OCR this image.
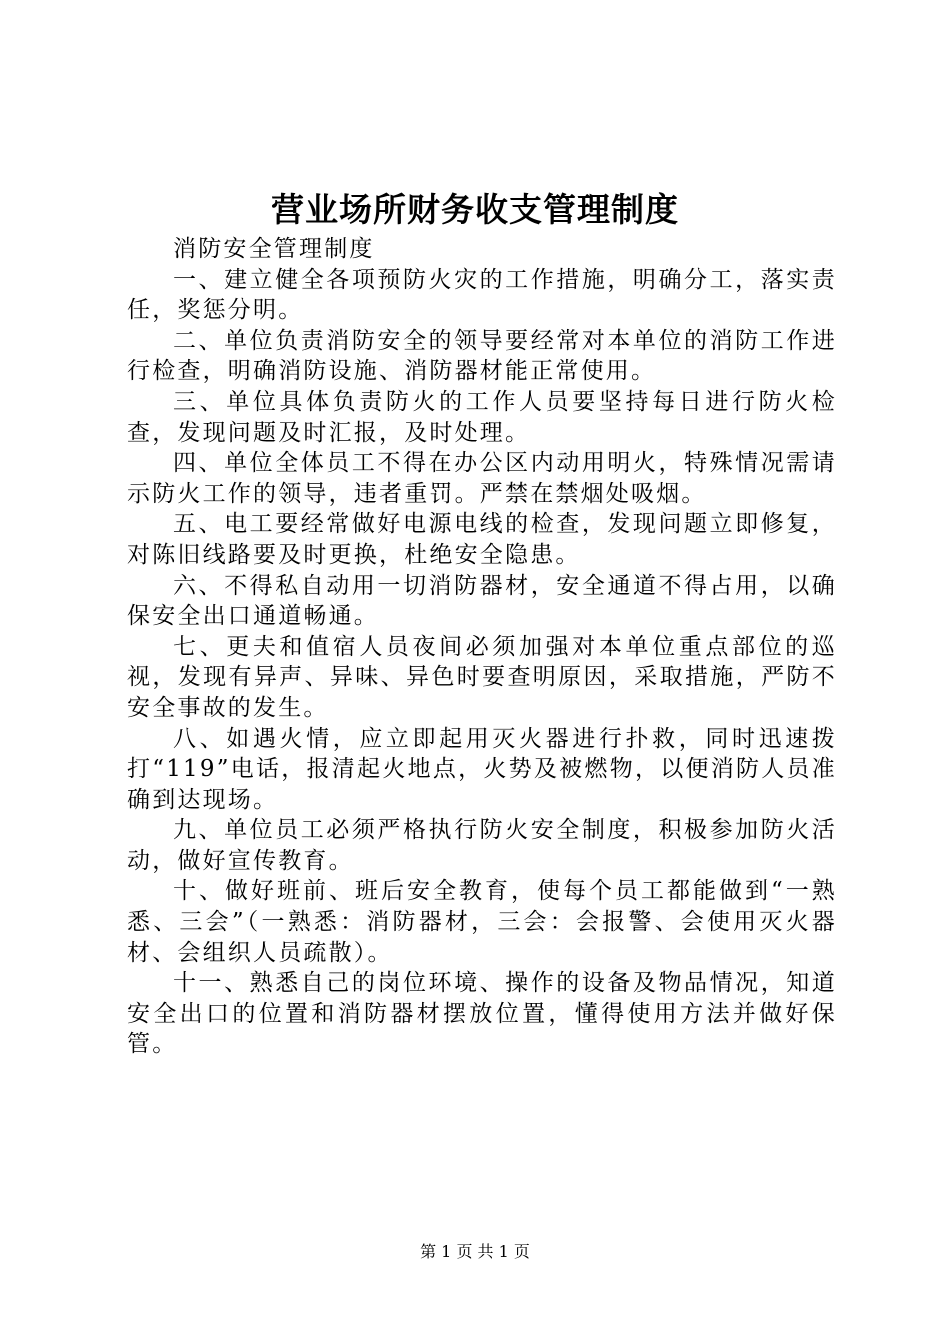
营业场所财务收支管理制度

消防安全管理制度

一、建立健全各项预防火灾的工作措施，明确分工，落实责任，奖惩分明。

二、单位负责消防安全的领导要经常对本单位的消防工作进行检查，明确消防设施、消防器材能正常使用。

三、单位具体负责防火的工作人员要坚持每日进行防火检查，发现问题及时汇报，及时处理。

四、单位全体员工不得在办公区内动用明火，特殊情况需请示防火工作的领导，违者重罚。严禁在禁烟处吸烟。

五、电工要经常做好电源电线的检查，发现问题立即修复，对陈旧线路要及时更换，杜绝安全隐患。

六、不得私自动用一切消防器材，安全通道不得占用，以确保安全出口通道畅通。

七、更夫和值宿人员夜间必须加强对本单位重点部位的巡视，发现有异声、异味、异色时要查明原因，采取措施，严防不安全事故的发生。

八、如遇火情，应立即起用灭火器进行扑救，同时迅速拨打“119”电话，报清起火地点，火势及被燃物，以便消防人员准确到达现场。

九、单位员工必须严格执行防火安全制度，积极参加防火活动，做好宣传教育。

十、做好班前、班后安全教育，使每个员工都能做到“一熟悉、三会”（一熟悉：消防器材，三会：会报警、会使用灭火器材、会组织人员疏散）。

十一、熟悉自己的岗位环境、操作的设备及物品情况，知道安全出口的位置和消防器材摆放位置，懂得使用方法并做好保管。

第 1 页 共 1 页
